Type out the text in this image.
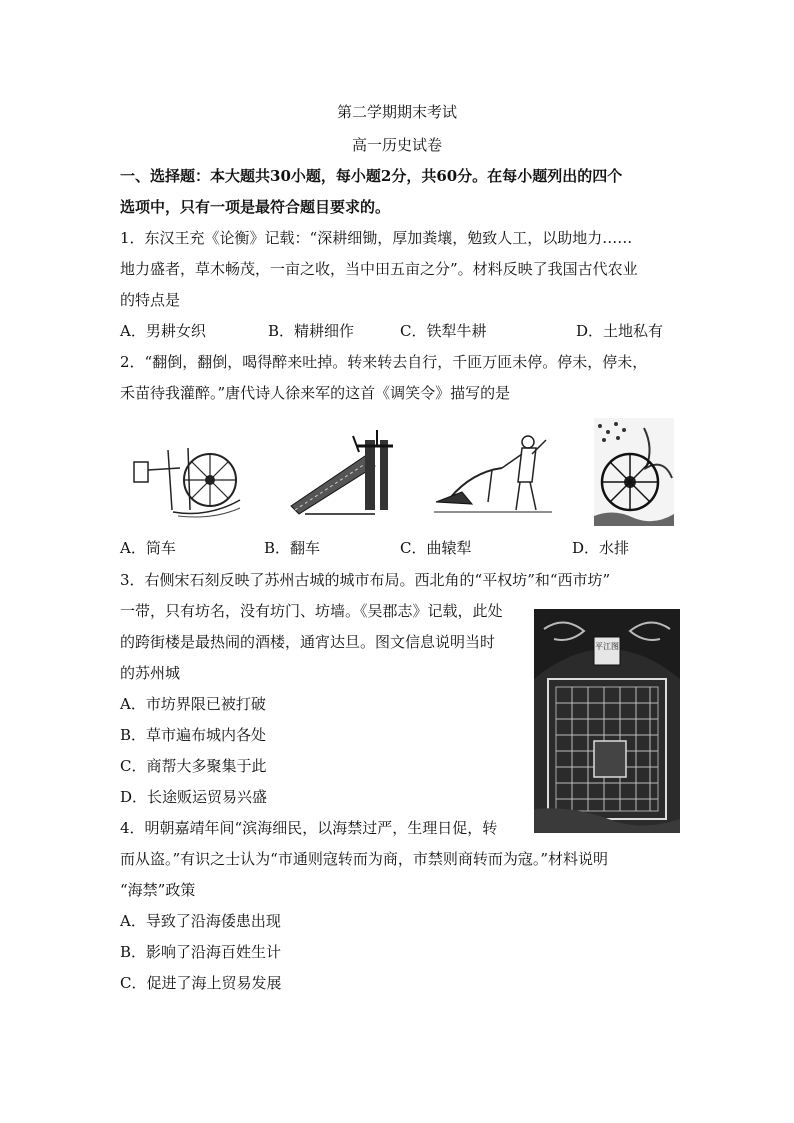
第二学期期末考试
高一历史试卷
一、选择题：本大题共30小题，每小题2分，共60分。在每小题列出的四个
选项中，只有一项是最符合题目要求的。
1．东汉王充《论衡》记载：“深耕细锄，厚加粪壤，勉致人工，以助地力……
地力盛者，草木畅茂，一亩之收，当中田五亩之分”。材料反映了我国古代农业
的特点是
A．男耕女织	B．精耕细作	C．铁犁牛耕	D．土地私有
2．“翻倒，翻倒，喝得醉来吐掉。转来转去自行，千匝万匝未停。停未，停未，
禾苗待我灌醉。”唐代诗人徐来军的这首《调笑令》描写的是
A．筒车	B．翻车	C．曲辕犁	D．水排
3．右侧宋石刻反映了苏州古城的城市布局。西北角的“平权坊”和“西市坊”
一带，只有坊名，没有坊门、坊墙。《吴郡志》记载，此处
的跨街楼是最热闹的酒楼，通宵达旦。图文信息说明当时
的苏州城
A．市坊界限已被打破
B．草市遍布城内各处
C．商帮大多聚集于此
D．长途贩运贸易兴盛
平江图
4．明朝嘉靖年间“滨海细民，以海禁过严，生理日促，转
而从盗。”有识之士认为“市通则寇转而为商，市禁则商转而为寇。”材料说明
“海禁”政策
A．导致了沿海倭患出现
B．影响了沿海百姓生计
C．促进了海上贸易发展
